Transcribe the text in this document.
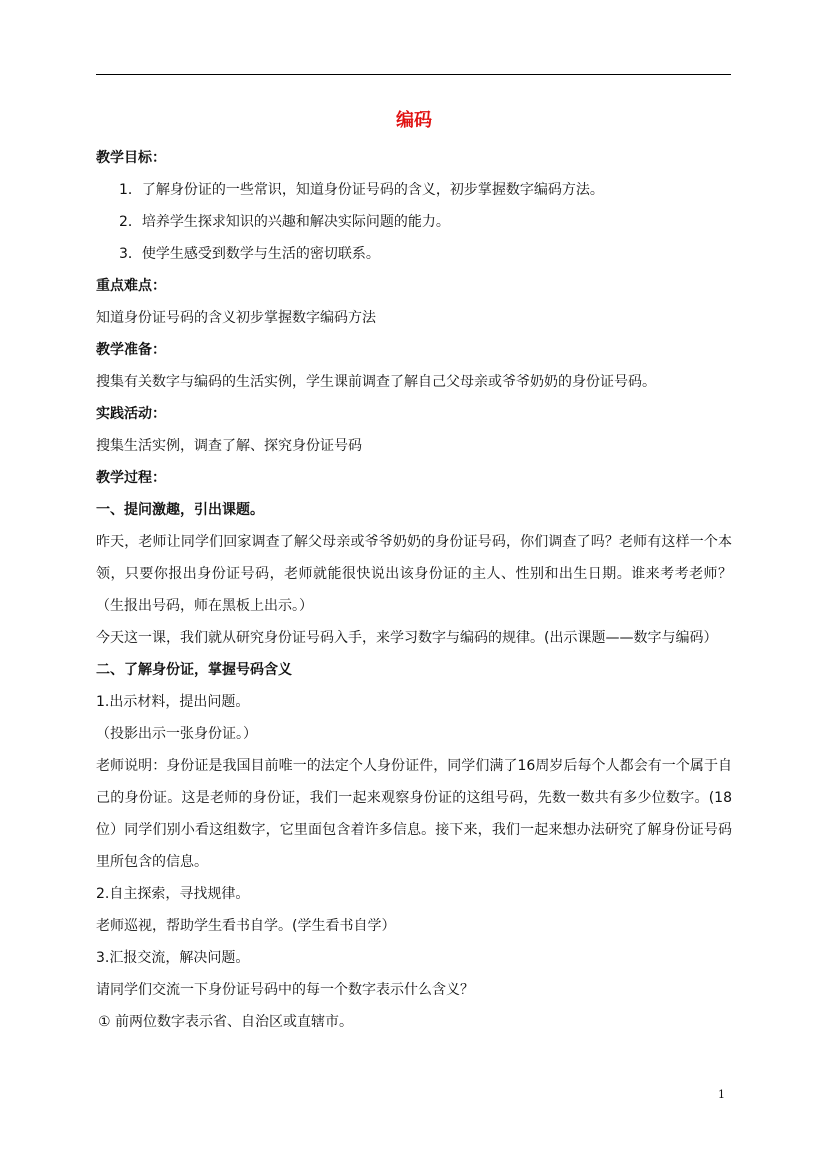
编码

教学目标：

1．了解身份证的一些常识，知道身份证号码的含义，初步掌握数字编码方法。

2．培养学生探求知识的兴趣和解决实际问题的能力。

3．使学生感受到数学与生活的密切联系。

重点难点：

知道身份证号码的含义初步掌握数字编码方法

教学准备：

搜集有关数字与编码的生活实例，学生课前调查了解自己父母亲或爷爷奶奶的身份证号码。

实践活动：

搜集生活实例，调查了解、探究身份证号码

教学过程：

一、提问激趣，引出课题。

昨天，老师让同学们回家调查了解父母亲或爷爷奶奶的身份证号码，你们调查了吗？老师有这样一个本领，只要你报出身份证号码，老师就能很快说出该身份证的主人、性别和出生日期。谁来考考老师？ （生报出号码，师在黑板上出示。）

今天这一课，我们就从研究身份证号码入手，来学习数字与编码的规律。(出示课题——数字与编码）

二、了解身份证，掌握号码含义

1.出示材料，提出问题。

（投影出示一张身份证。）

老师说明：身份证是我国目前唯一的法定个人身份证件，同学们满了16周岁后每个人都会有一个属于自己的身份证。这是老师的身份证，我们一起来观察身份证的这组号码，先数一数共有多少位数字。(18位）同学们别小看这组数字，它里面包含着许多信息。接下来，我们一起来想办法研究了解身份证号码里所包含的信息。

2.自主探索，寻找规律。

老师巡视，帮助学生看书自学。(学生看书自学）

3.汇报交流，解决问题。

请同学们交流一下身份证号码中的每一个数字表示什么含义？

① 前两位数字表示省、自治区或直辖市。

1
